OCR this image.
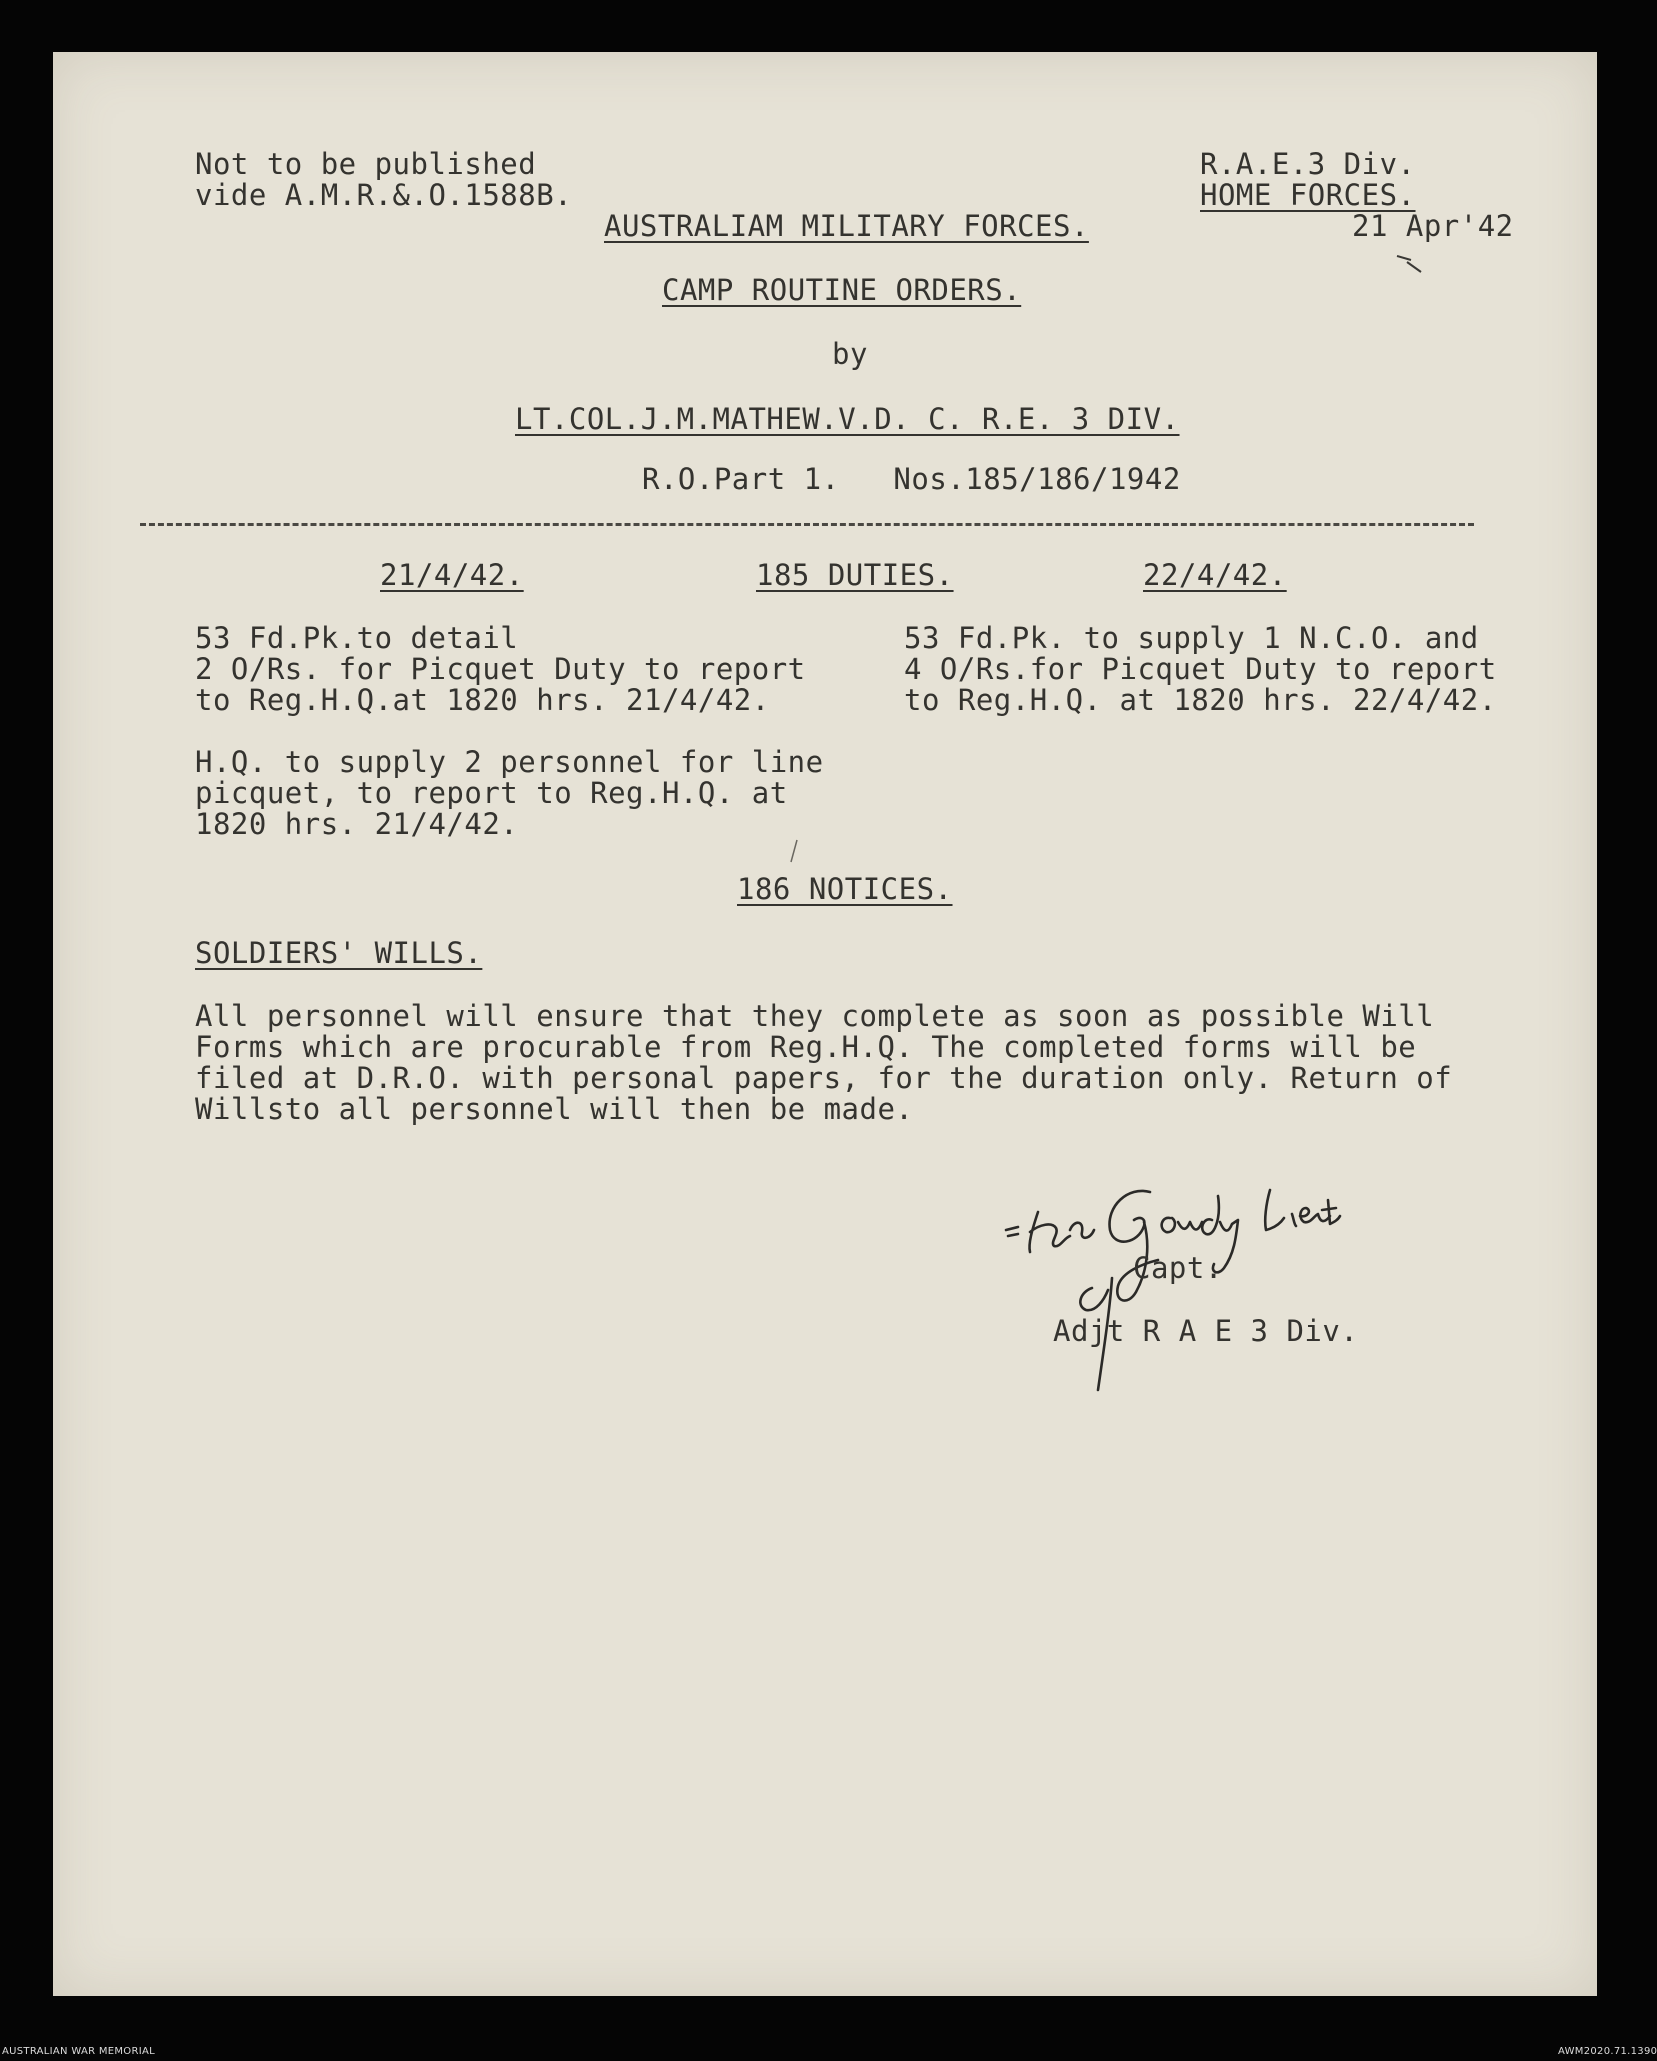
Not to be published
vide A.M.R.&.O.1588B.
R.A.E.3 Div.
HOME FORCES.
21 Apr'42
AUSTRALIAM MILITARY FORCES.
CAMP ROUTINE ORDERS.
by
LT.COL.J.M.MATHEW.V.D. C. R.E. 3 DIV.
R.O.Part 1.   Nos.185/186/1942
21/4/42.	185 DUTIES.	22/4/42.
53 Fd.Pk.to detail
2 O/Rs. for Picquet Duty to report
to Reg.H.Q.at 1820 hrs. 21/4/42.
53 Fd.Pk. to supply 1 N.C.O. and
4 O/Rs.for Picquet Duty to report
to Reg.H.Q. at 1820 hrs. 22/4/42.
H.Q. to supply 2 personnel for line
picquet, to report to Reg.H.Q. at
1820 hrs. 21/4/42.
186 NOTICES.
SOLDIERS' WILLS.
All personnel will ensure that they complete as soon as possible Will
Forms which are procurable from Reg.H.Q. The completed forms will be
filed at D.R.O. with personal papers, for the duration only. Return of
Willsto all personnel will then be made.
Capt.
Adjt R A E 3 Div.
AUSTRALIAN WAR MEMORIAL	AWM2020.71.1390
